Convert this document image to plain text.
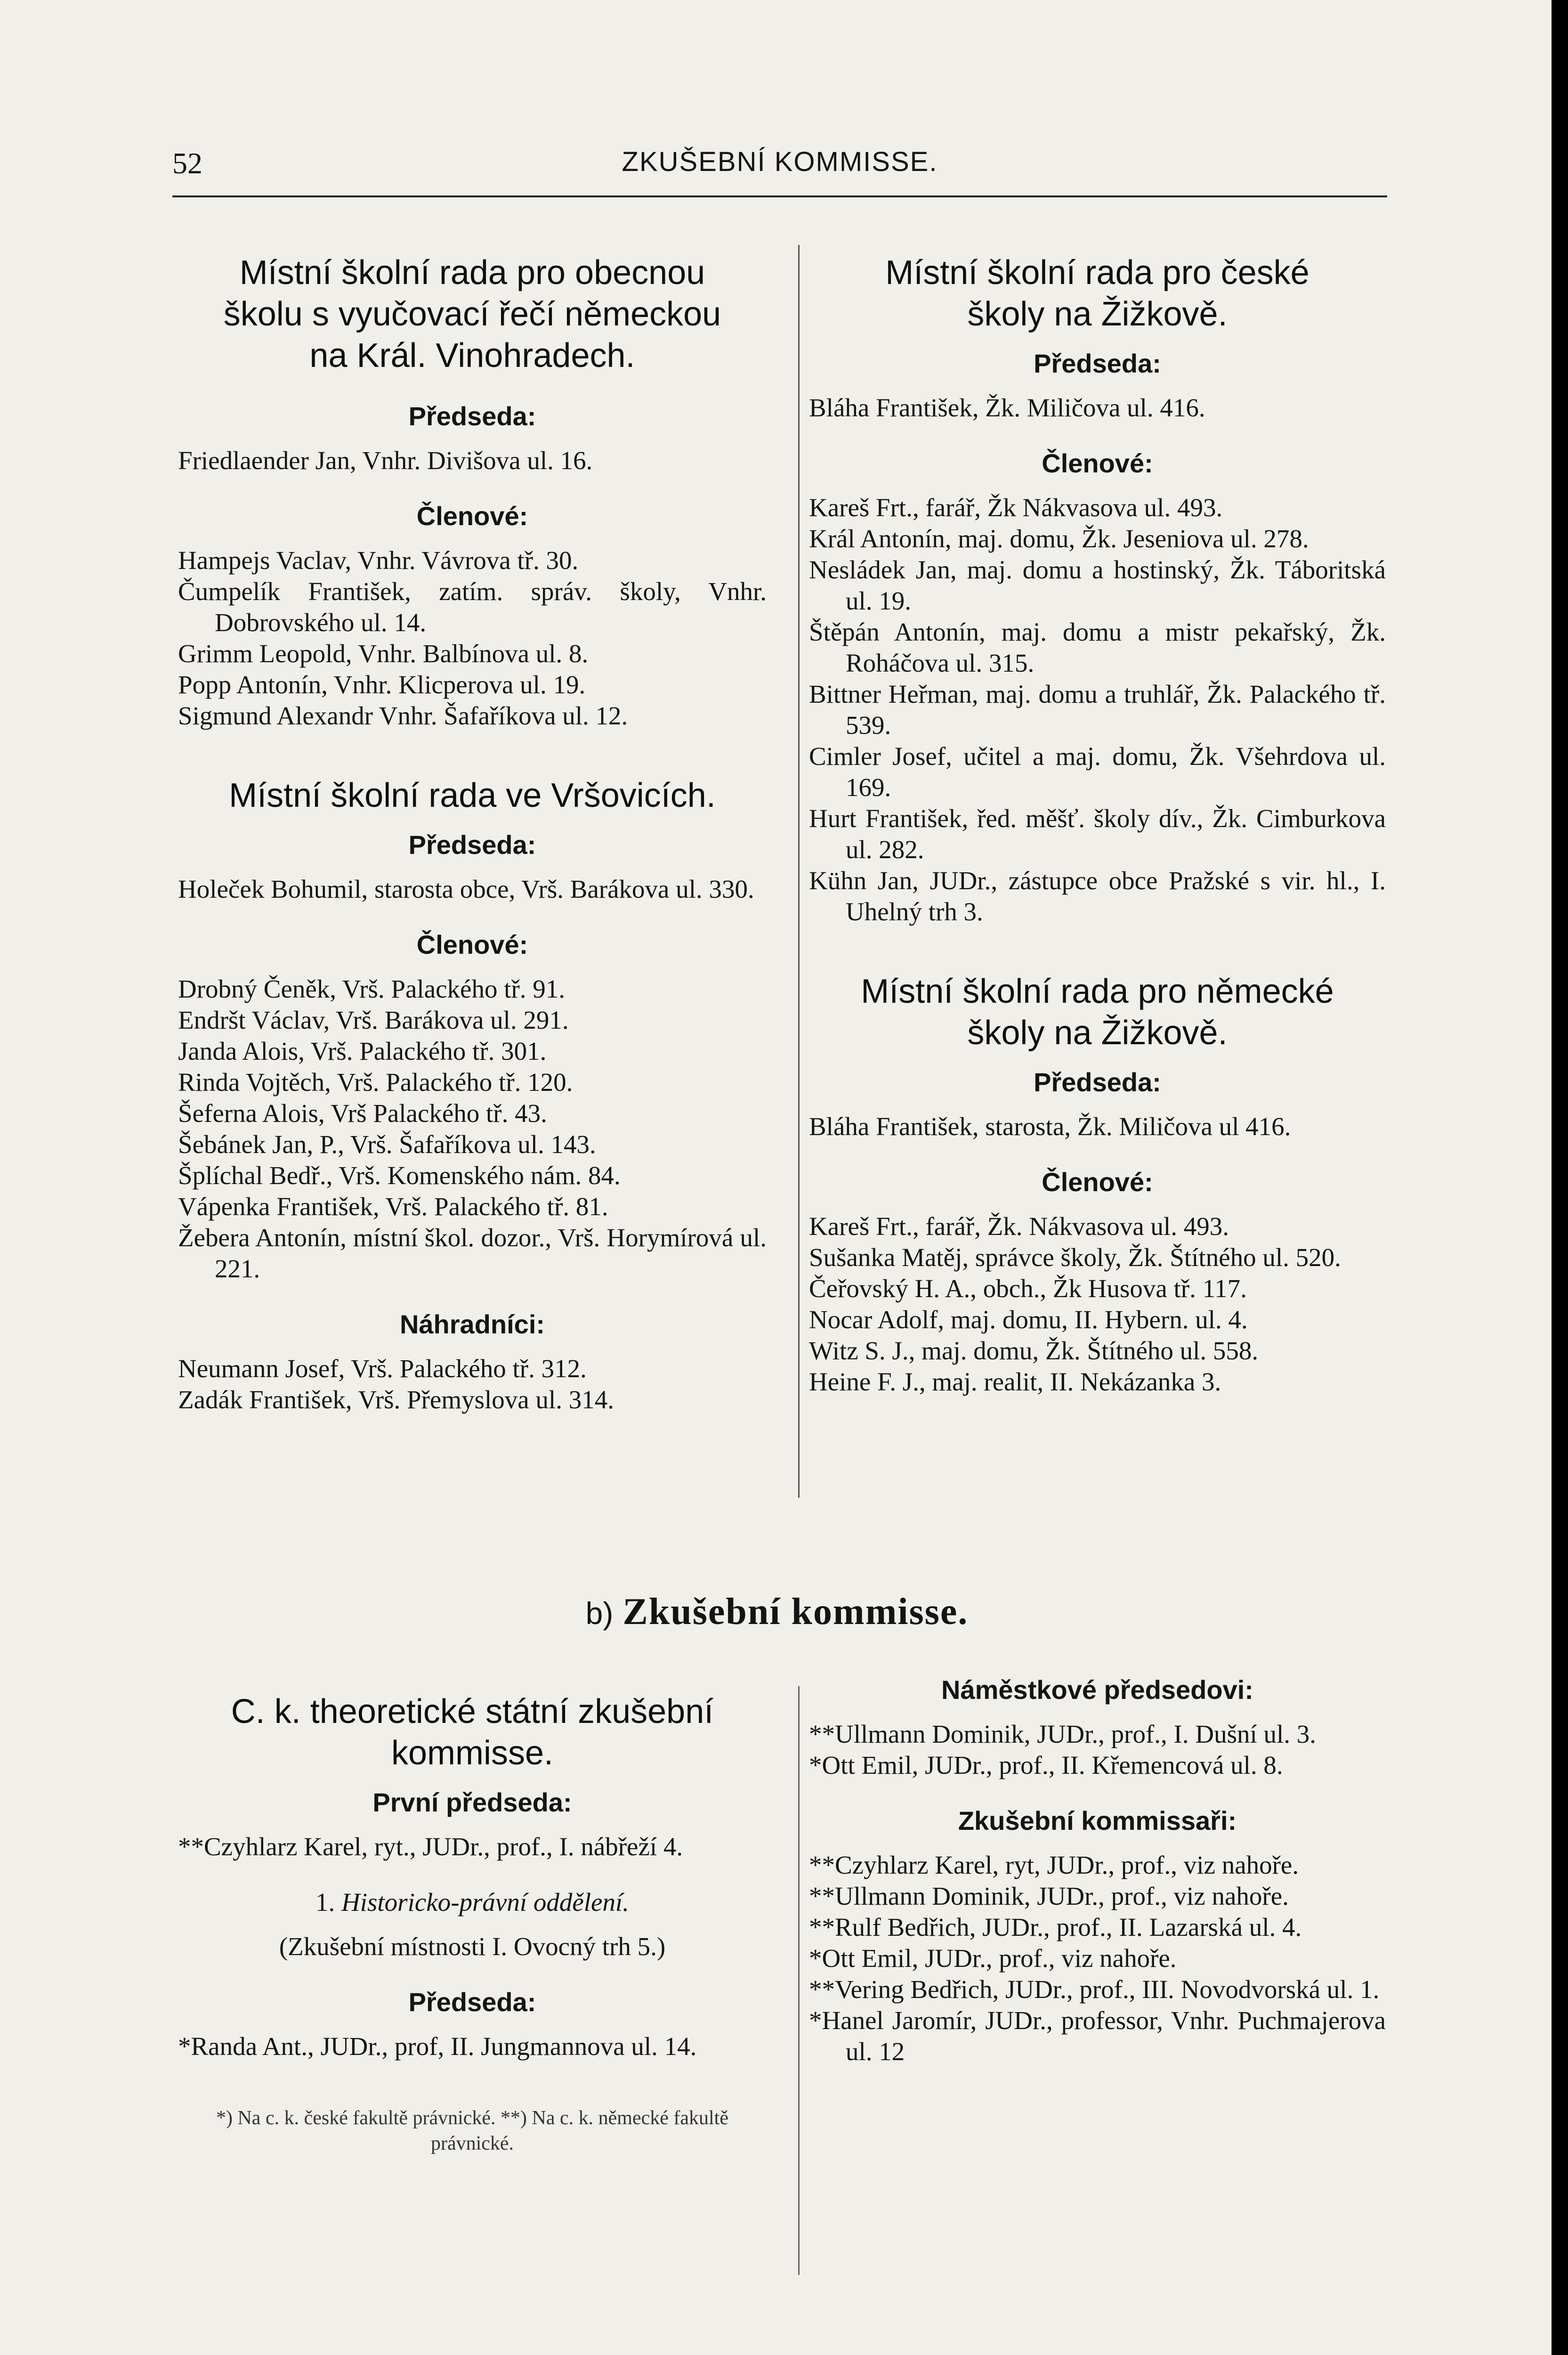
52	ZKUŠEBNÍ KOMMISSE.
Místní školní rada pro obecnou
školu s vyučovací řečí německou
na Král. Vinohradech.
Předseda:
Friedlaender Jan, Vnhr. Divišova ul. 16.
Členové:
Hampejs Vaclav, Vnhr. Vávrova tř. 30.
Čumpelík František, zatím. správ. školy, Vnhr. Dobrovského ul. 14.
Grimm Leopold, Vnhr. Balbínova ul. 8.
Popp Antonín, Vnhr. Klicperova ul. 19.
Sigmund Alexandr Vnhr. Šafaříkova ul. 12.
Místní školní rada ve Vršovicích.
Předseda:
Holeček Bohumil, starosta obce, Vrš. Barákova ul. 330.
Členové:
Drobný Čeněk, Vrš. Palackého tř. 91.
Endršt Václav, Vrš. Barákova ul. 291.
Janda Alois, Vrš. Palackého tř. 301.
Rinda Vojtěch, Vrš. Palackého tř. 120.
Šeferna Alois, Vrš Palackého tř. 43.
Šebánek Jan, P., Vrš. Šafaříkova ul. 143.
Šplíchal Bedř., Vrš. Komenského nám. 84.
Vápenka František, Vrš. Palackého tř. 81.
Žebera Antonín, místní škol. dozor., Vrš. Horymírová ul. 221.
Náhradníci:
Neumann Josef, Vrš. Palackého tř. 312.
Zadák František, Vrš. Přemyslova ul. 314.
Místní školní rada pro české
školy na Žižkově.
Předseda:
Bláha František, Žk. Miličova ul. 416.
Členové:
Kareš Frt., farář, Žk Nákvasova ul. 493.
Král Antonín, maj. domu, Žk. Jeseniova ul. 278.
Nesládek Jan, maj. domu a hostinský, Žk. Táboritská ul. 19.
Štěpán Antonín, maj. domu a mistr pekařský, Žk. Roháčova ul. 315.
Bittner Heřman, maj. domu a truhlář, Žk. Palackého tř. 539.
Cimler Josef, učitel a maj. domu, Žk. Všehrdova ul. 169.
Hurt František, řed. měšť. školy dív., Žk. Cimburkova ul. 282.
Kühn Jan, JUDr., zástupce obce Pražské s vir. hl., I. Uhelný trh 3.
Místní školní rada pro německé
školy na Žižkově.
Předseda:
Bláha František, starosta, Žk. Miličova ul 416.
Členové:
Kareš Frt., farář, Žk. Nákvasova ul. 493.
Sušanka Matěj, správce školy, Žk. Štítného ul. 520.
Čeřovský H. A., obch., Žk Husova tř. 117.
Nocar Adolf, maj. domu, II. Hybern. ul. 4.
Witz S. J., maj. domu, Žk. Štítného ul. 558.
Heine F. J., maj. realit, II. Nekázanka 3.
b) Zkušební kommisse.
C. k. theoretické státní zkušební
kommisse.
První předseda:
**Czyhlarz Karel, ryt., JUDr., prof., I. nábřeží 4.
1. Historicko-právní oddělení.
(Zkušební místnosti I. Ovocný trh 5.)
Předseda:
*Randa Ant., JUDr., prof, II. Jungmannova ul. 14.
*) Na c. k. české fakultě právnické. **) Na c. k. německé fakultě právnické.
Náměstkové předsedovi:
**Ullmann Dominik, JUDr., prof., I. Dušní ul. 3.
*Ott Emil, JUDr., prof., II. Křemencová ul. 8.
Zkušební kommissaři:
**Czyhlarz Karel, ryt, JUDr., prof., viz nahoře.
**Ullmann Dominik, JUDr., prof., viz nahoře.
**Rulf Bedřich, JUDr., prof., II. Lazarská ul. 4.
*Ott Emil, JUDr., prof., viz nahoře.
**Vering Bedřich, JUDr., prof., III. Novodvorská ul. 1.
*Hanel Jaromír, JUDr., professor, Vnhr. Puchmajerova ul. 12
